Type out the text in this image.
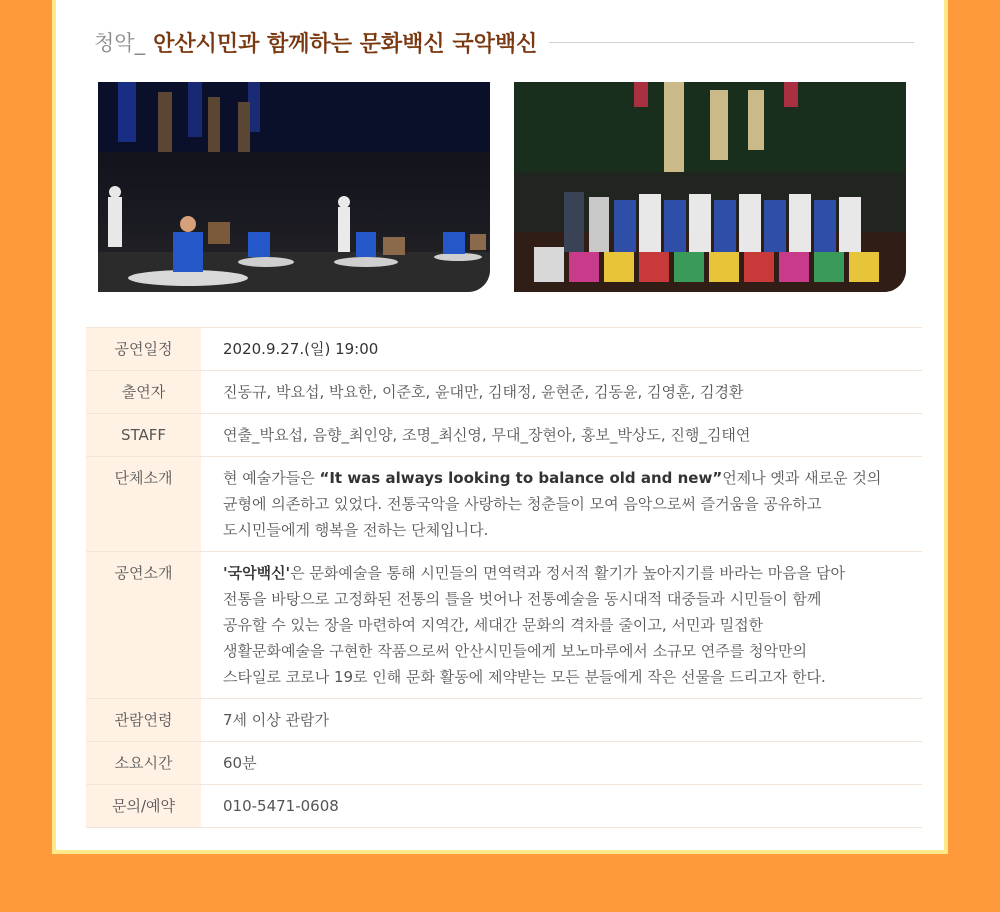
청악_ 안산시민과 함께하는 문화백신 국악백신
공연일정	2020.9.27.(일) 19:00
출연자	진동규, 박요섭, 박요한, 이준호, 윤대만, 김태정, 윤현준, 김동윤, 김영훈, 김경환
STAFF	연출_박요섭, 음향_최인양, 조명_최신영, 무대_장현아, 홍보_박상도, 진행_김태연
단체소개	현 예술가들은 “It was always looking to balance old and new”언제나 옛과 새로운 것의
균형에 의존하고 있었다. 전통국악을 사랑하는 청춘들이 모여 음악으로써 즐거움을 공유하고
도시민들에게 행복을 전하는 단체입니다.
공연소개	'국악백신'은 문화예술을 통해 시민들의 면역력과 정서적 활기가 높아지기를 바라는 마음을 담아
전통을 바탕으로 고정화된 전통의 틀을 벗어나 전통예술을 동시대적 대중들과 시민들이 함께
공유할 수 있는 장을 마련하여 지역간, 세대간 문화의 격차를 줄이고, 서민과 밀접한
생활문화예술을 구현한 작품으로써 안산시민들에게 보노마루에서 소규모 연주를 청악만의
스타일로 코로나 19로 인해 문화 활동에 제약받는 모든 분들에게 작은 선물을 드리고자 한다.
관람연령	7세 이상 관람가
소요시간	60분
문의/예약	010-5471-0608
